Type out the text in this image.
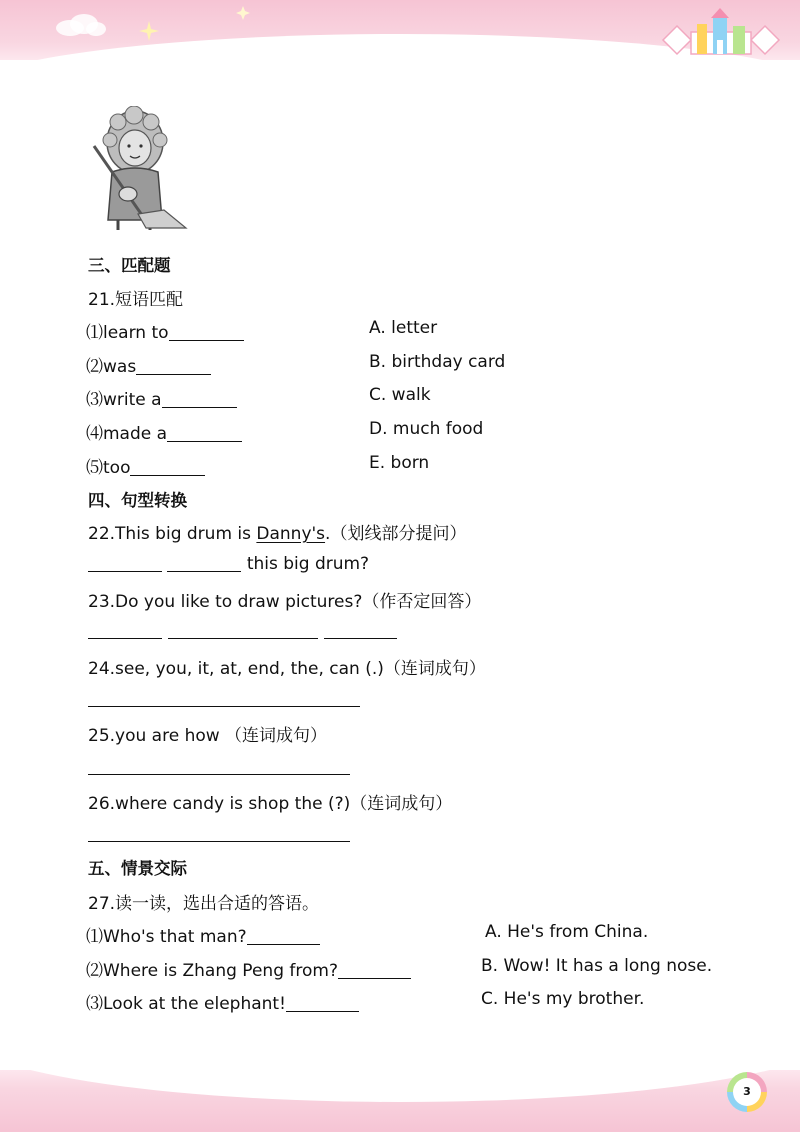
三、匹配题
21.短语匹配
⑴learn to	A. letter
⑵was	B. birthday card
⑶write a	C. walk
⑷made a	D. much food
⑸too	E. born
四、句型转换
22.This big drum is Danny's.（划线部分提问）
this big drum?
23.Do you like to draw pictures?（作否定回答）
24.see, you, it, at, end, the, can (.)（连词成句）
25.you are how （连词成句）
26.where candy is shop the (?)（连词成句）
五、情景交际
27.读一读，选出合适的答语。
⑴Who's that man?	A. He's from China.
⑵Where is Zhang Peng from?	B. Wow! It has a long nose.
⑶Look at the elephant!	C. He's my brother.
3
